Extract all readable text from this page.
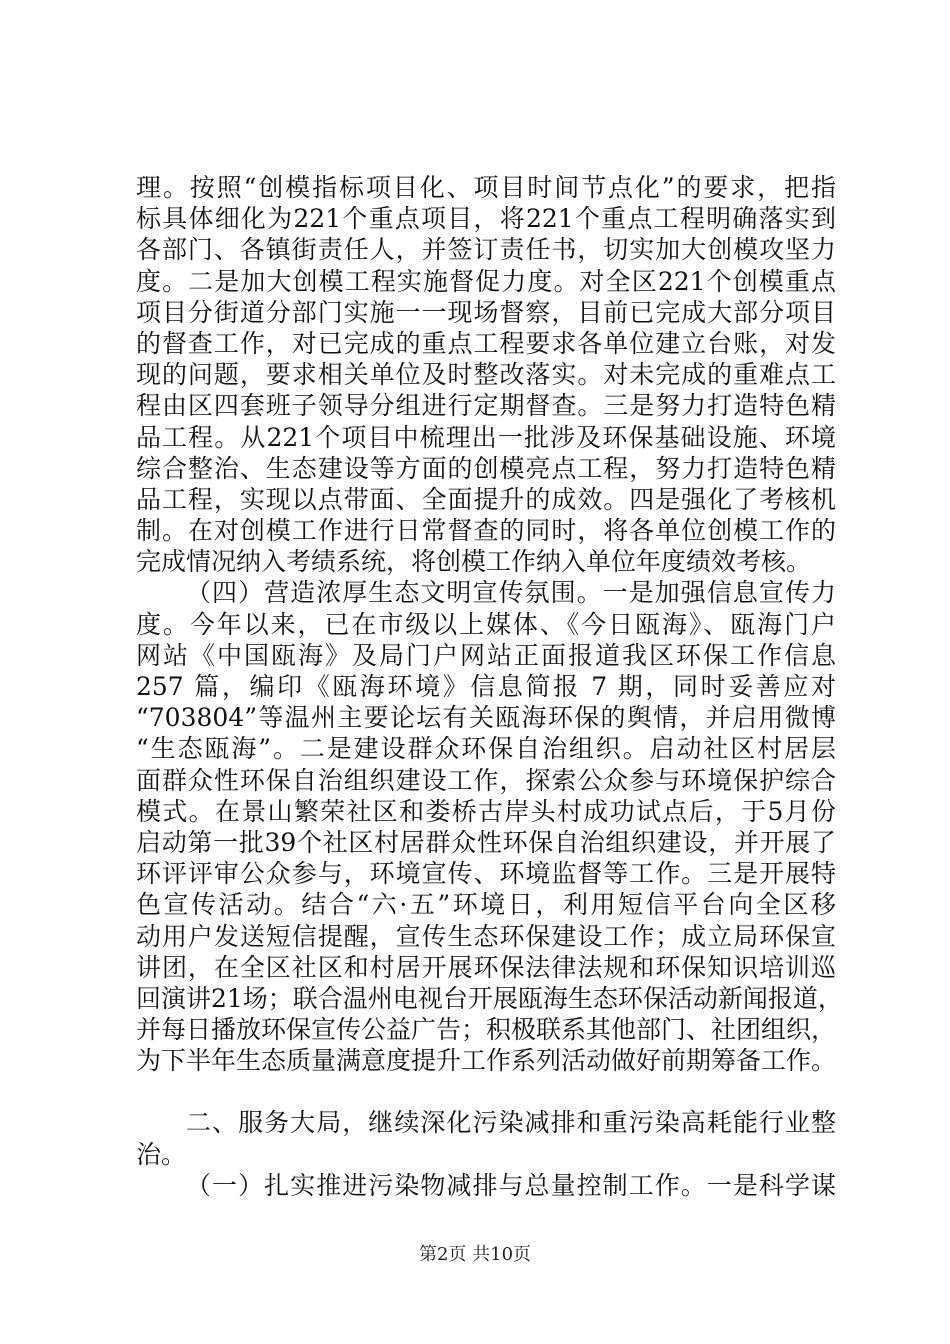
理。按照“创模指标项目化、项目时间节点化”的要求，把指
标具体细化为221个重点项目，将221个重点工程明确落实到
各部门、各镇街责任人，并签订责任书，切实加大创模攻坚力
度。二是加大创模工程实施督促力度。对全区221个创模重点
项目分街道分部门实施一一现场督察，目前已完成大部分项目
的督查工作，对已完成的重点工程要求各单位建立台账，对发
现的问题，要求相关单位及时整改落实。对未完成的重难点工
程由区四套班子领导分组进行定期督查。三是努力打造特色精
品工程。从221个项目中梳理出一批涉及环保基础设施、环境
综合整治、生态建设等方面的创模亮点工程，努力打造特色精
品工程，实现以点带面、全面提升的成效。四是强化了考核机
制。在对创模工作进行日常督查的同时，将各单位创模工作的
完成情况纳入考绩系统，将创模工作纳入单位年度绩效考核。
（四）营造浓厚生态文明宣传氛围。一是加强信息宣传力
度。今年以来，已在市级以上媒体、《今日瓯海》、瓯海门户
网站《中国瓯海》及局门户网站正面报道我区环保工作信息
257 篇，编印《瓯海环境》信息简报 7 期，同时妥善应对
“703804”等温州主要论坛有关瓯海环保的舆情，并启用微博
“生态瓯海”。二是建设群众环保自治组织。启动社区村居层
面群众性环保自治组织建设工作，探索公众参与环境保护综合
模式。在景山繁荣社区和娄桥古岸头村成功试点后，于5月份
启动第一批39个社区村居群众性环保自治组织建设，并开展了
环评评审公众参与，环境宣传、环境监督等工作。三是开展特
色宣传活动。结合“六·五”环境日，利用短信平台向全区移
动用户发送短信提醒，宣传生态环保建设工作；成立局环保宣
讲团，在全区社区和村居开展环保法律法规和环保知识培训巡
回演讲21场；联合温州电视台开展瓯海生态环保活动新闻报道，
并每日播放环保宣传公益广告；积极联系其他部门、社团组织，
为下半年生态质量满意度提升工作系列活动做好前期筹备工作。
二、服务大局，继续深化污染减排和重污染高耗能行业整
治。
（一）扎实推进污染物减排与总量控制工作。一是科学谋
第2页 共10页
